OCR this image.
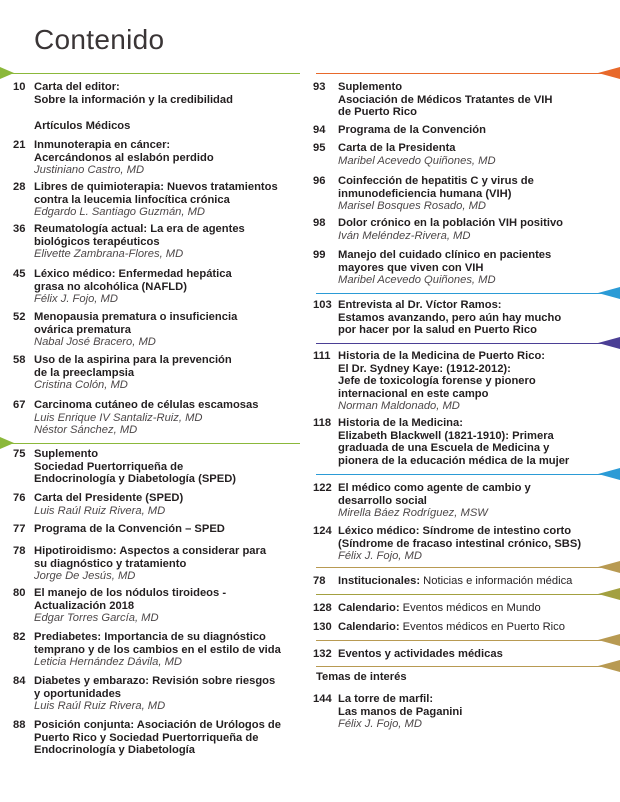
Contenido
Artículos Médicos
10 Carta del editor:
Sobre la información y la credibilidad
21 Inmunoterapia en cáncer:
Acercándonos al eslabón perdido
Justiniano Castro, MD
28 Libres de quimioterapia: Nuevos tratamientos
contra la leucemia linfocítica crónica
Edgardo L. Santiago Guzmán, MD
36 Reumatología actual: La era de agentes
biológicos terapéuticos
Elivette Zambrana-Flores, MD
45 Léxico médico: Enfermedad hepática
grasa no alcohólica (NAFLD)
Félix J. Fojo, MD
52 Menopausia prematura o insuficiencia
ovárica prematura
Nabal José Bracero, MD
58 Uso de la aspirina para la prevención
de la preeclampsia
Cristina Colón, MD
67 Carcinoma cutáneo de células escamosas
Luis Enrique IV Santaliz-Ruiz, MD
Néstor Sánchez, MD
75 Suplemento
Sociedad Puertorriqueña de
Endocrinología y Diabetología (SPED)
76 Carta del Presidente (SPED)
Luis Raúl Ruiz Rivera, MD
77 Programa de la Convención – SPED
78 Hipotiroidismo: Aspectos a considerar para
su diagnóstico y tratamiento
Jorge De Jesús, MD
80 El manejo de los nódulos tiroideos -
Actualización 2018
Edgar Torres García, MD
82 Prediabetes: Importancia de su diagnóstico
temprano y de los cambios en el estilo de vida
Leticia Hernández Dávila, MD
84 Diabetes y embarazo: Revisión sobre riesgos
y oportunidades
Luis Raúl Ruiz Rivera, MD
88 Posición conjunta: Asociación de Urólogos de
Puerto Rico y Sociedad Puertorriqueña de
Endocrinología y Diabetología
Temas de interés
93 Suplemento
Asociación de Médicos Tratantes de VIH
de Puerto Rico
94 Programa de la Convención
95 Carta de la Presidenta
Maribel Acevedo Quiñones, MD
96 Coinfección de hepatitis C y virus de
inmunodeficiencia humana (VIH)
Marisel Bosques Rosado, MD
98 Dolor crónico en la población VIH positivo
Iván Meléndez-Rivera, MD
99 Manejo del cuidado clínico en pacientes
mayores que viven con VIH
Maribel Acevedo Quiñones, MD
103 Entrevista al Dr. Víctor Ramos:
Estamos avanzando, pero aún hay mucho
por hacer por la salud en Puerto Rico
111 Historia de la Medicina de Puerto Rico:
El Dr. Sydney Kaye: (1912-2012):
Jefe de toxicología forense y pionero
internacional en este campo
Norman Maldonado, MD
118 Historia de la Medicina:
Elizabeth Blackwell (1821-1910): Primera
graduada de una Escuela de Medicina y
pionera de la educación médica de la mujer
122 El médico como agente de cambio y
desarrollo social
Mirella Báez Rodríguez, MSW
124 Léxico médico: Síndrome de intestino corto
(Síndrome de fracaso intestinal crónico, SBS)
Félix J. Fojo, MD
78 Institucionales: Noticias e información médica
128 Calendario: Eventos médicos en Mundo
130 Calendario: Eventos médicos en Puerto Rico
132 Eventos y actividades médicas
144 La torre de marfil:
Las manos de Paganini
Félix J. Fojo, MD
